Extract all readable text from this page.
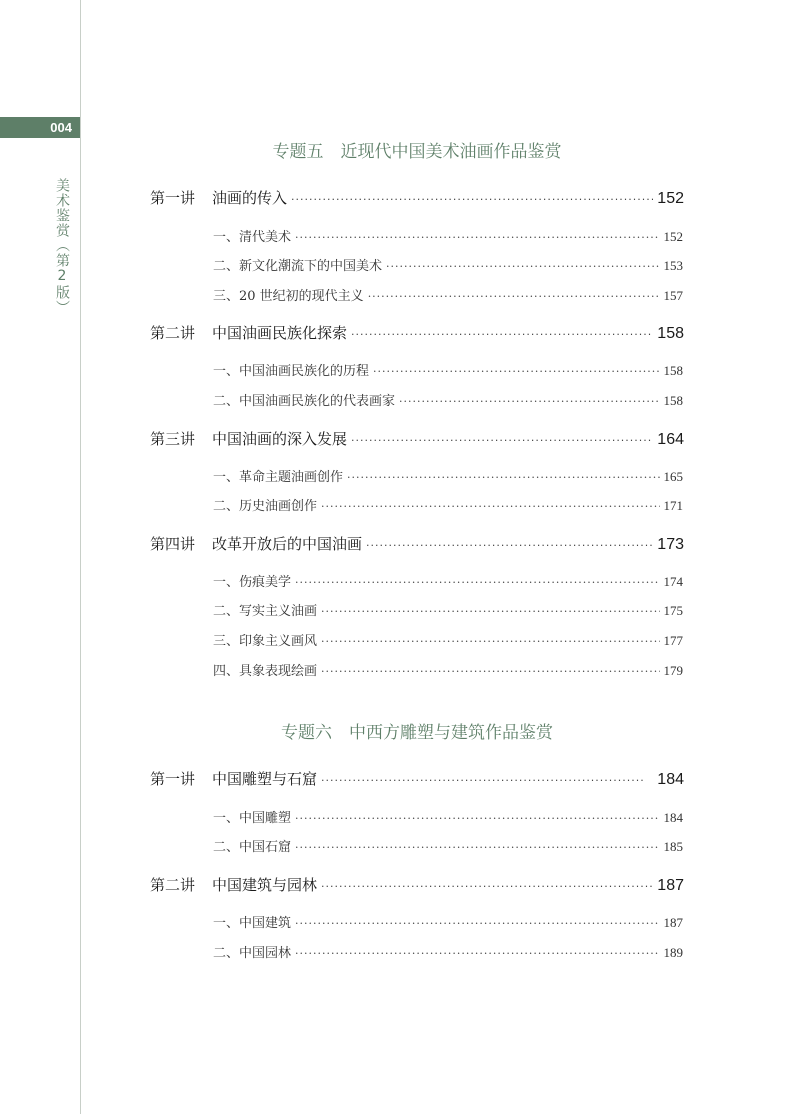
004
美术鉴赏（第2版）
专题五　近现代中国美术油画作品鉴赏
第一讲	油画的传入 ·····	152
一、清代美术 ·····	152
二、新文化潮流下的中国美术 ·····	153
三、20 世纪初的现代主义 ·····	157
第二讲	中国油画民族化探索 ·····	158
一、中国油画民族化的历程 ·····	158
二、中国油画民族化的代表画家 ·····	158
第三讲	中国油画的深入发展 ·····	164
一、革命主题油画创作 ·····	165
二、历史油画创作 ·····	171
第四讲	改革开放后的中国油画 ·····	173
一、伤痕美学 ·····	174
二、写实主义油画 ·····	175
三、印象主义画风 ·····	177
四、具象表现绘画 ·····	179
专题六　中西方雕塑与建筑作品鉴赏
第一讲	中国雕塑与石窟 ·····	184
一、中国雕塑 ·····	184
二、中国石窟 ·····	185
第二讲	中国建筑与园林 ·····	187
一、中国建筑 ·····	187
二、中国园林 ·····	189
